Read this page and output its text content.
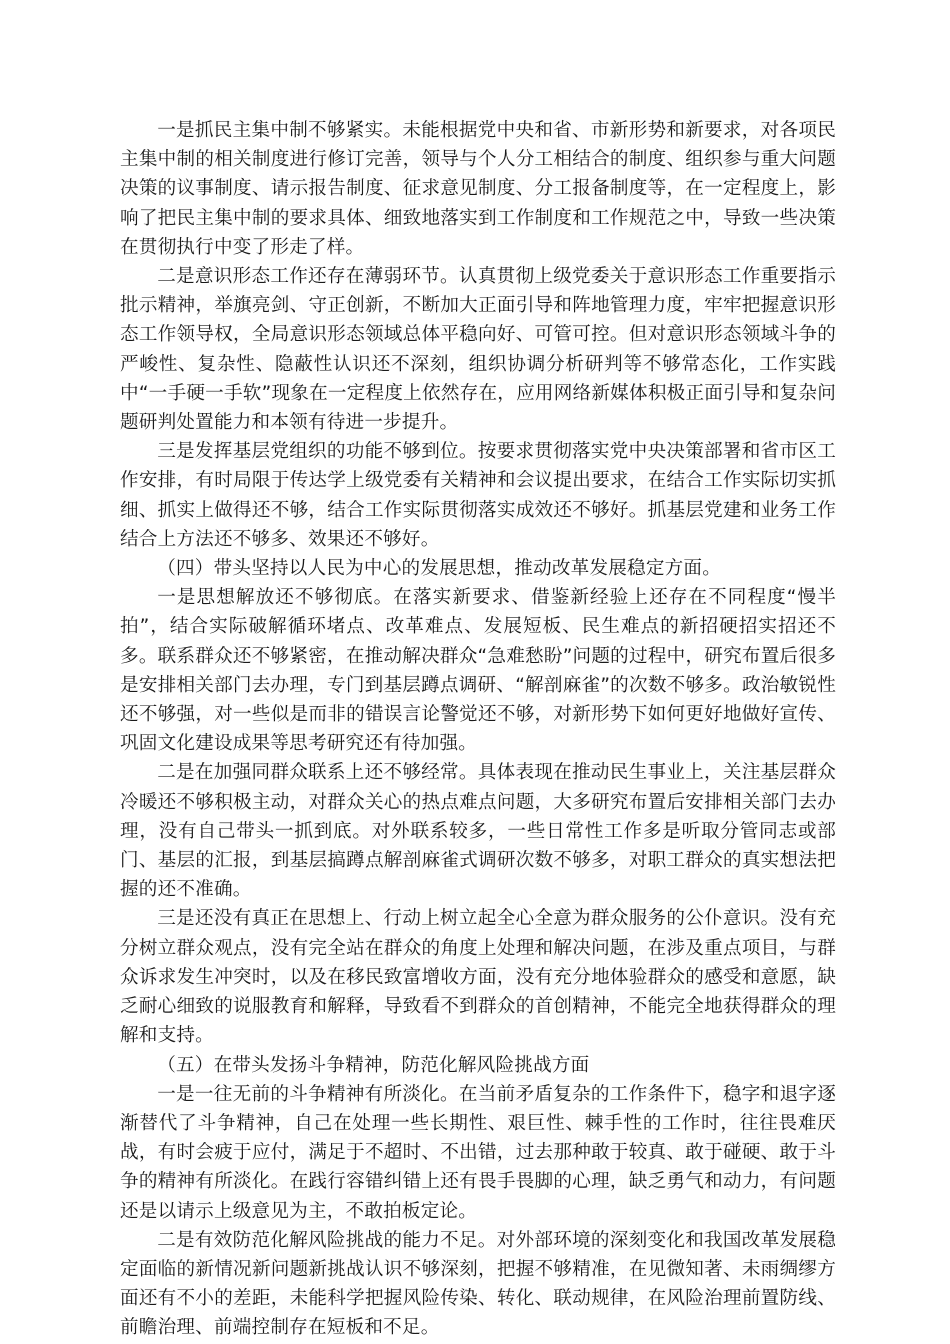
一是抓民主集中制不够紧实。未能根据党中央和省、市新形势和新要求，对各项民主集中制的相关制度进行修订完善，领导与个人分工相结合的制度、组织参与重大问题决策的议事制度、请示报告制度、征求意见制度、分工报备制度等，在一定程度上，影响了把民主集中制的要求具体、细致地落实到工作制度和工作规范之中，导致一些决策在贯彻执行中变了形走了样。

二是意识形态工作还存在薄弱环节。认真贯彻上级党委关于意识形态工作重要指示批示精神，举旗亮剑、守正创新，不断加大正面引导和阵地管理力度，牢牢把握意识形态工作领导权，全局意识形态领域总体平稳向好、可管可控。但对意识形态领域斗争的严峻性、复杂性、隐蔽性认识还不深刻，组织协调分析研判等不够常态化，工作实践中“一手硬一手软”现象在一定程度上依然存在，应用网络新媒体积极正面引导和复杂问题研判处置能力和本领有待进一步提升。

三是发挥基层党组织的功能不够到位。按要求贯彻落实党中央决策部署和省市区工作安排，有时局限于传达学上级党委有关精神和会议提出要求，在结合工作实际切实抓细、抓实上做得还不够，结合工作实际贯彻落实成效还不够好。抓基层党建和业务工作结合上方法还不够多、效果还不够好。

（四）带头坚持以人民为中心的发展思想，推动改革发展稳定方面。

一是思想解放还不够彻底。在落实新要求、借鉴新经验上还存在不同程度“慢半拍”，结合实际破解循环堵点、改革难点、发展短板、民生难点的新招硬招实招还不多。联系群众还不够紧密，在推动解决群众“急难愁盼”问题的过程中，研究布置后很多是安排相关部门去办理，专门到基层蹲点调研、“解剖麻雀”的次数不够多。政治敏锐性还不够强，对一些似是而非的错误言论警觉还不够，对新形势下如何更好地做好宣传、巩固文化建设成果等思考研究还有待加强。

二是在加强同群众联系上还不够经常。具体表现在推动民生事业上，关注基层群众冷暖还不够积极主动，对群众关心的热点难点问题，大多研究布置后安排相关部门去办理，没有自己带头一抓到底。对外联系较多，一些日常性工作多是听取分管同志或部门、基层的汇报，到基层搞蹲点解剖麻雀式调研次数不够多，对职工群众的真实想法把握的还不准确。

三是还没有真正在思想上、行动上树立起全心全意为群众服务的公仆意识。没有充分树立群众观点，没有完全站在群众的角度上处理和解决问题，在涉及重点项目，与群众诉求发生冲突时，以及在移民致富增收方面，没有充分地体验群众的感受和意愿，缺乏耐心细致的说服教育和解释，导致看不到群众的首创精神，不能完全地获得群众的理解和支持。

（五）在带头发扬斗争精神，防范化解风险挑战方面

一是一往无前的斗争精神有所淡化。在当前矛盾复杂的工作条件下，稳字和退字逐渐替代了斗争精神，自己在处理一些长期性、艰巨性、棘手性的工作时，往往畏难厌战，有时会疲于应付，满足于不超时、不出错，过去那种敢于较真、敢于碰硬、敢于斗争的精神有所淡化。在践行容错纠错上还有畏手畏脚的心理，缺乏勇气和动力，有问题还是以请示上级意见为主，不敢拍板定论。

二是有效防范化解风险挑战的能力不足。对外部环境的深刻变化和我国改革发展稳定面临的新情况新问题新挑战认识不够深刻，把握不够精准，在见微知著、未雨绸缪方面还有不小的差距，未能科学把握风险传染、转化、联动规律，在风险治理前置防线、前瞻治理、前端控制存在短板和不足。
